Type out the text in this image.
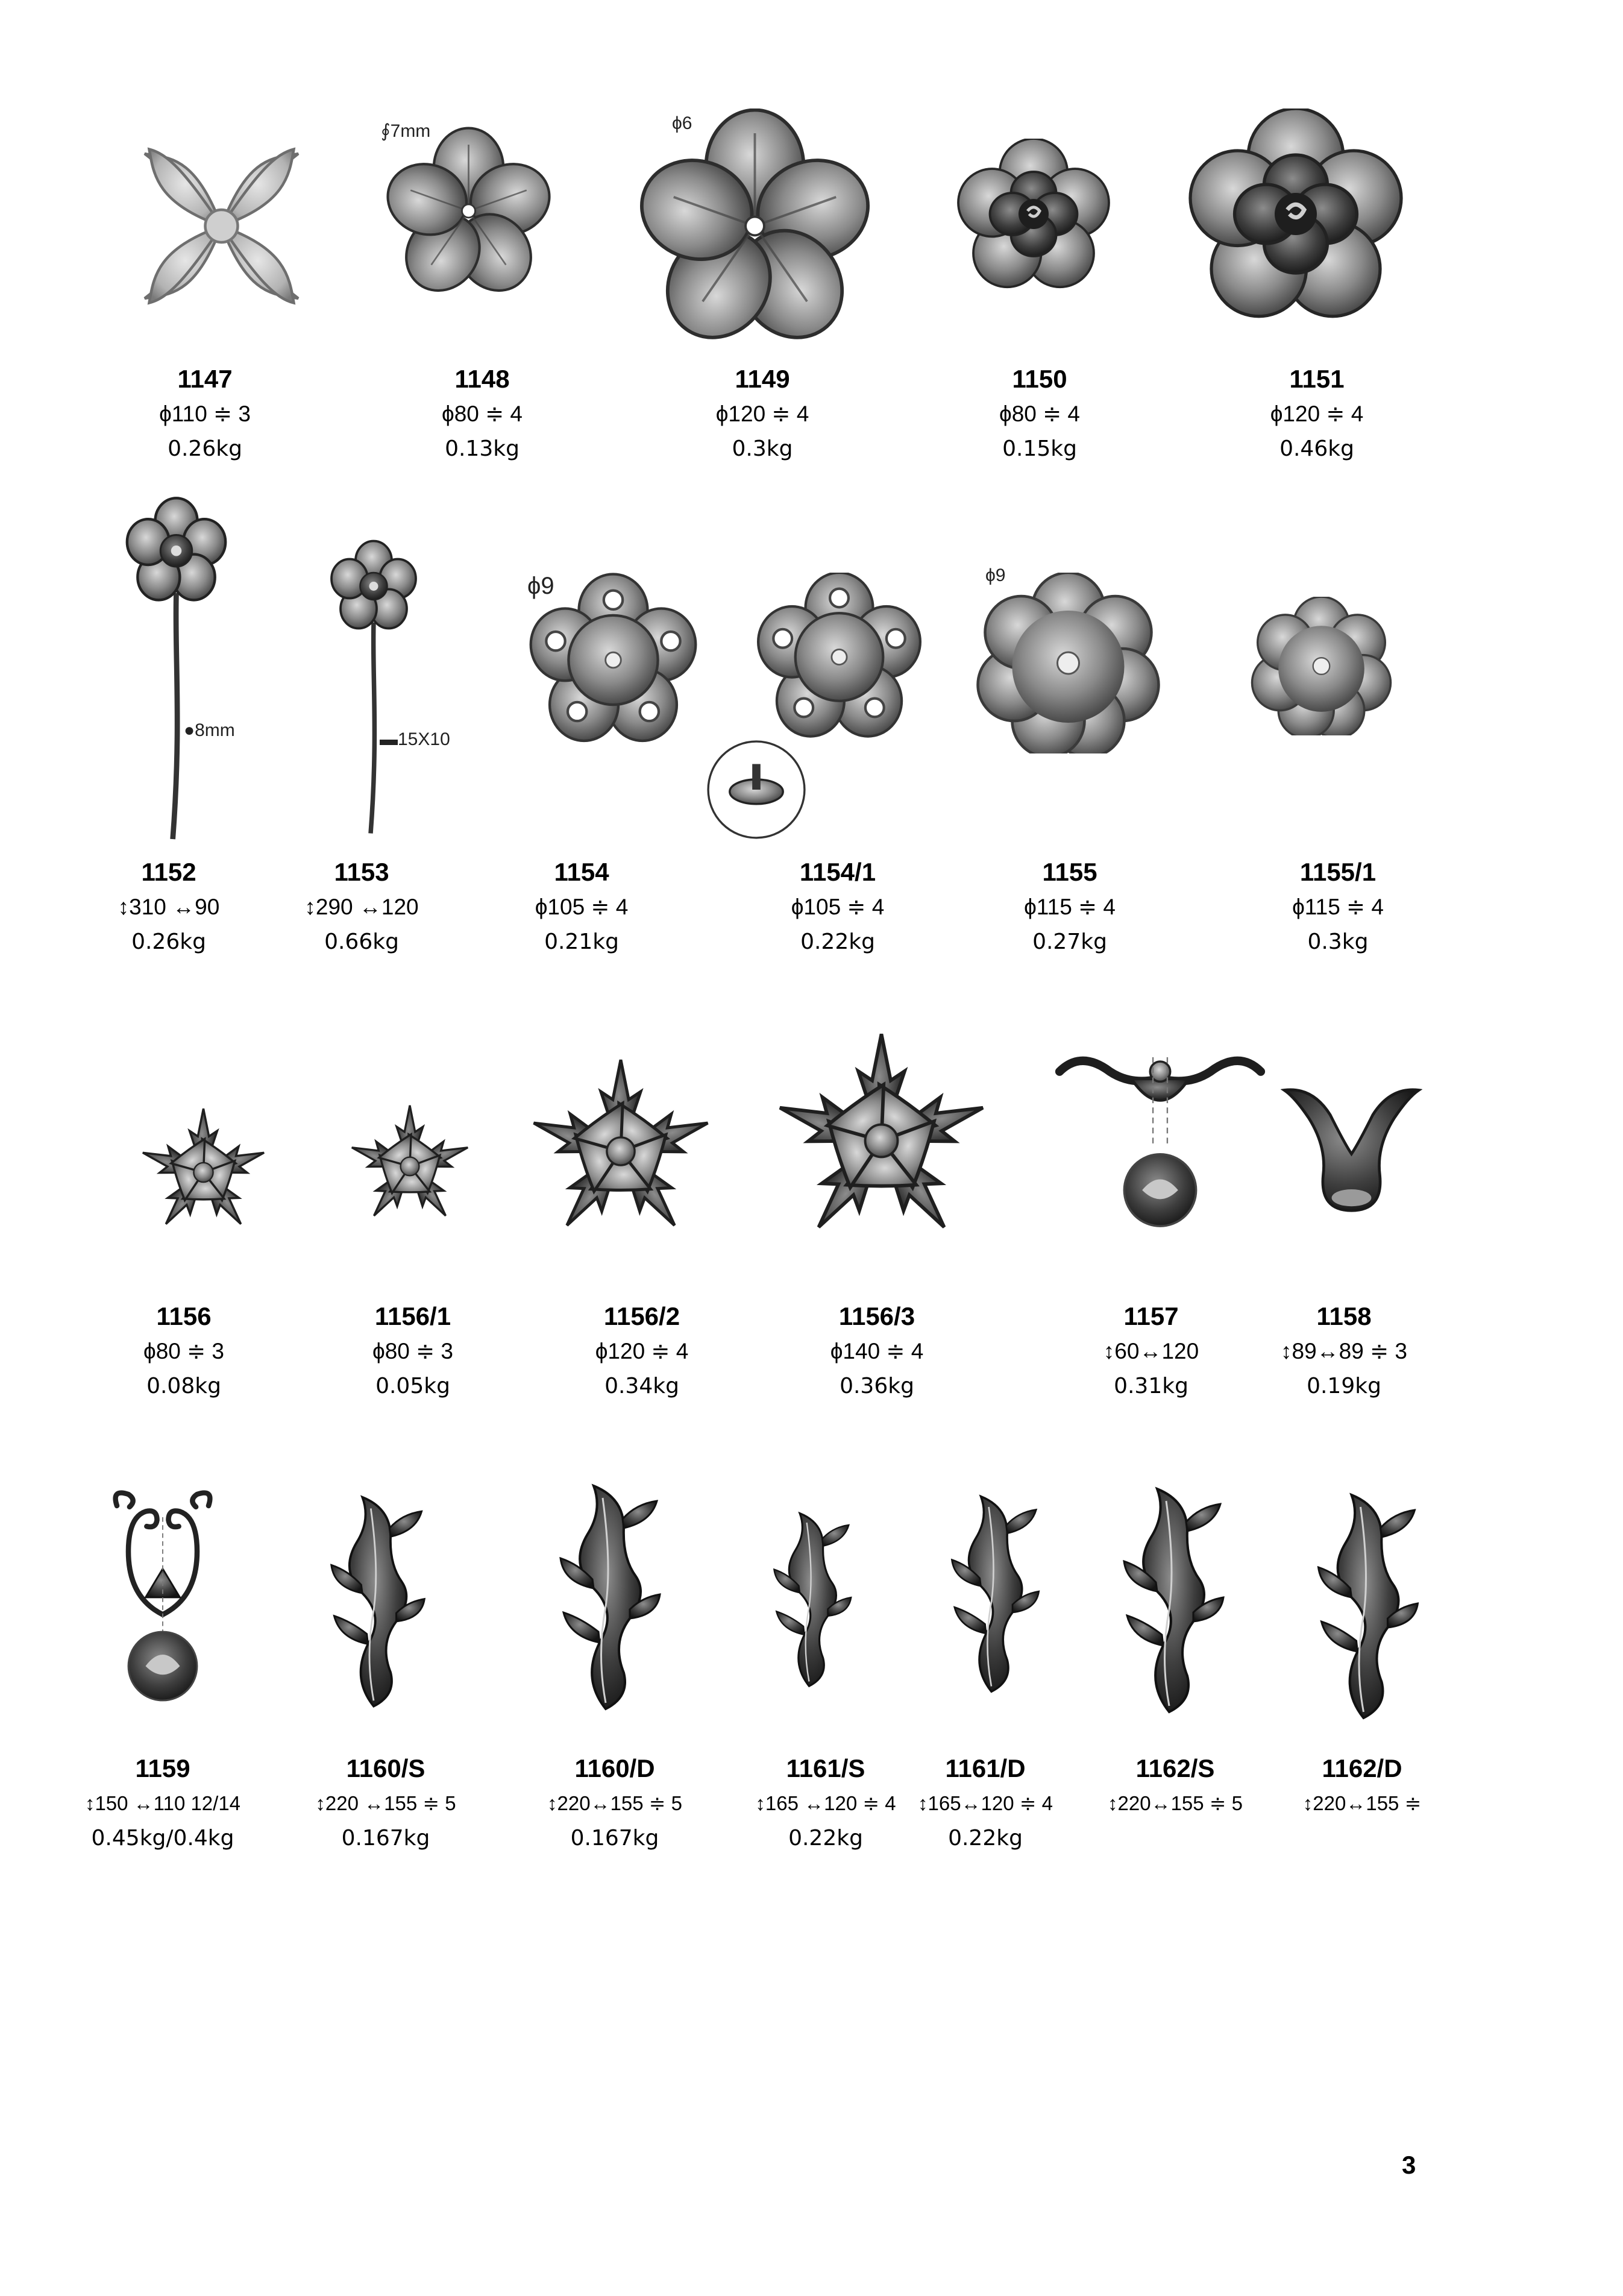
1147
ϕ110 ≑ 3
0.26kg
∮7mm
1148
ϕ80 ≑ 4
0.13kg
ϕ6
1149
ϕ120 ≑ 4
0.3kg
1150
ϕ80 ≑ 4
0.15kg
1151
ϕ120 ≑ 4
0.46kg
●8mm
1152
↕310 ↔90
0.26kg
▬15X10
1153
↕290 ↔120
0.66kg
ϕ9
1154
ϕ105 ≑ 4
0.21kg
1154/1
ϕ105 ≑ 4
0.22kg
ϕ9
1155
ϕ115 ≑ 4
0.27kg
1155/1
ϕ115 ≑ 4
0.3kg
1156
ϕ80 ≑ 3
0.08kg
1156/1
ϕ80 ≑ 3
0.05kg
1156/2
ϕ120 ≑ 4
0.34kg
1156/3
ϕ140 ≑ 4
0.36kg
1157
↕60↔120
0.31kg
1158
↕89↔89 ≑ 3
0.19kg
1159
↕150 ↔110 12/14
0.45kg/0.4kg
1160/S
↕220 ↔155 ≑ 5
0.167kg
1160/D
↕220↔155 ≑ 5
0.167kg
1161/S
↕165 ↔120 ≑ 4
0.22kg
1161/D
↕165↔120 ≑ 4
0.22kg
1162/S
↕220↔155 ≑ 5
1162/D
↕220↔155 ≑
3
